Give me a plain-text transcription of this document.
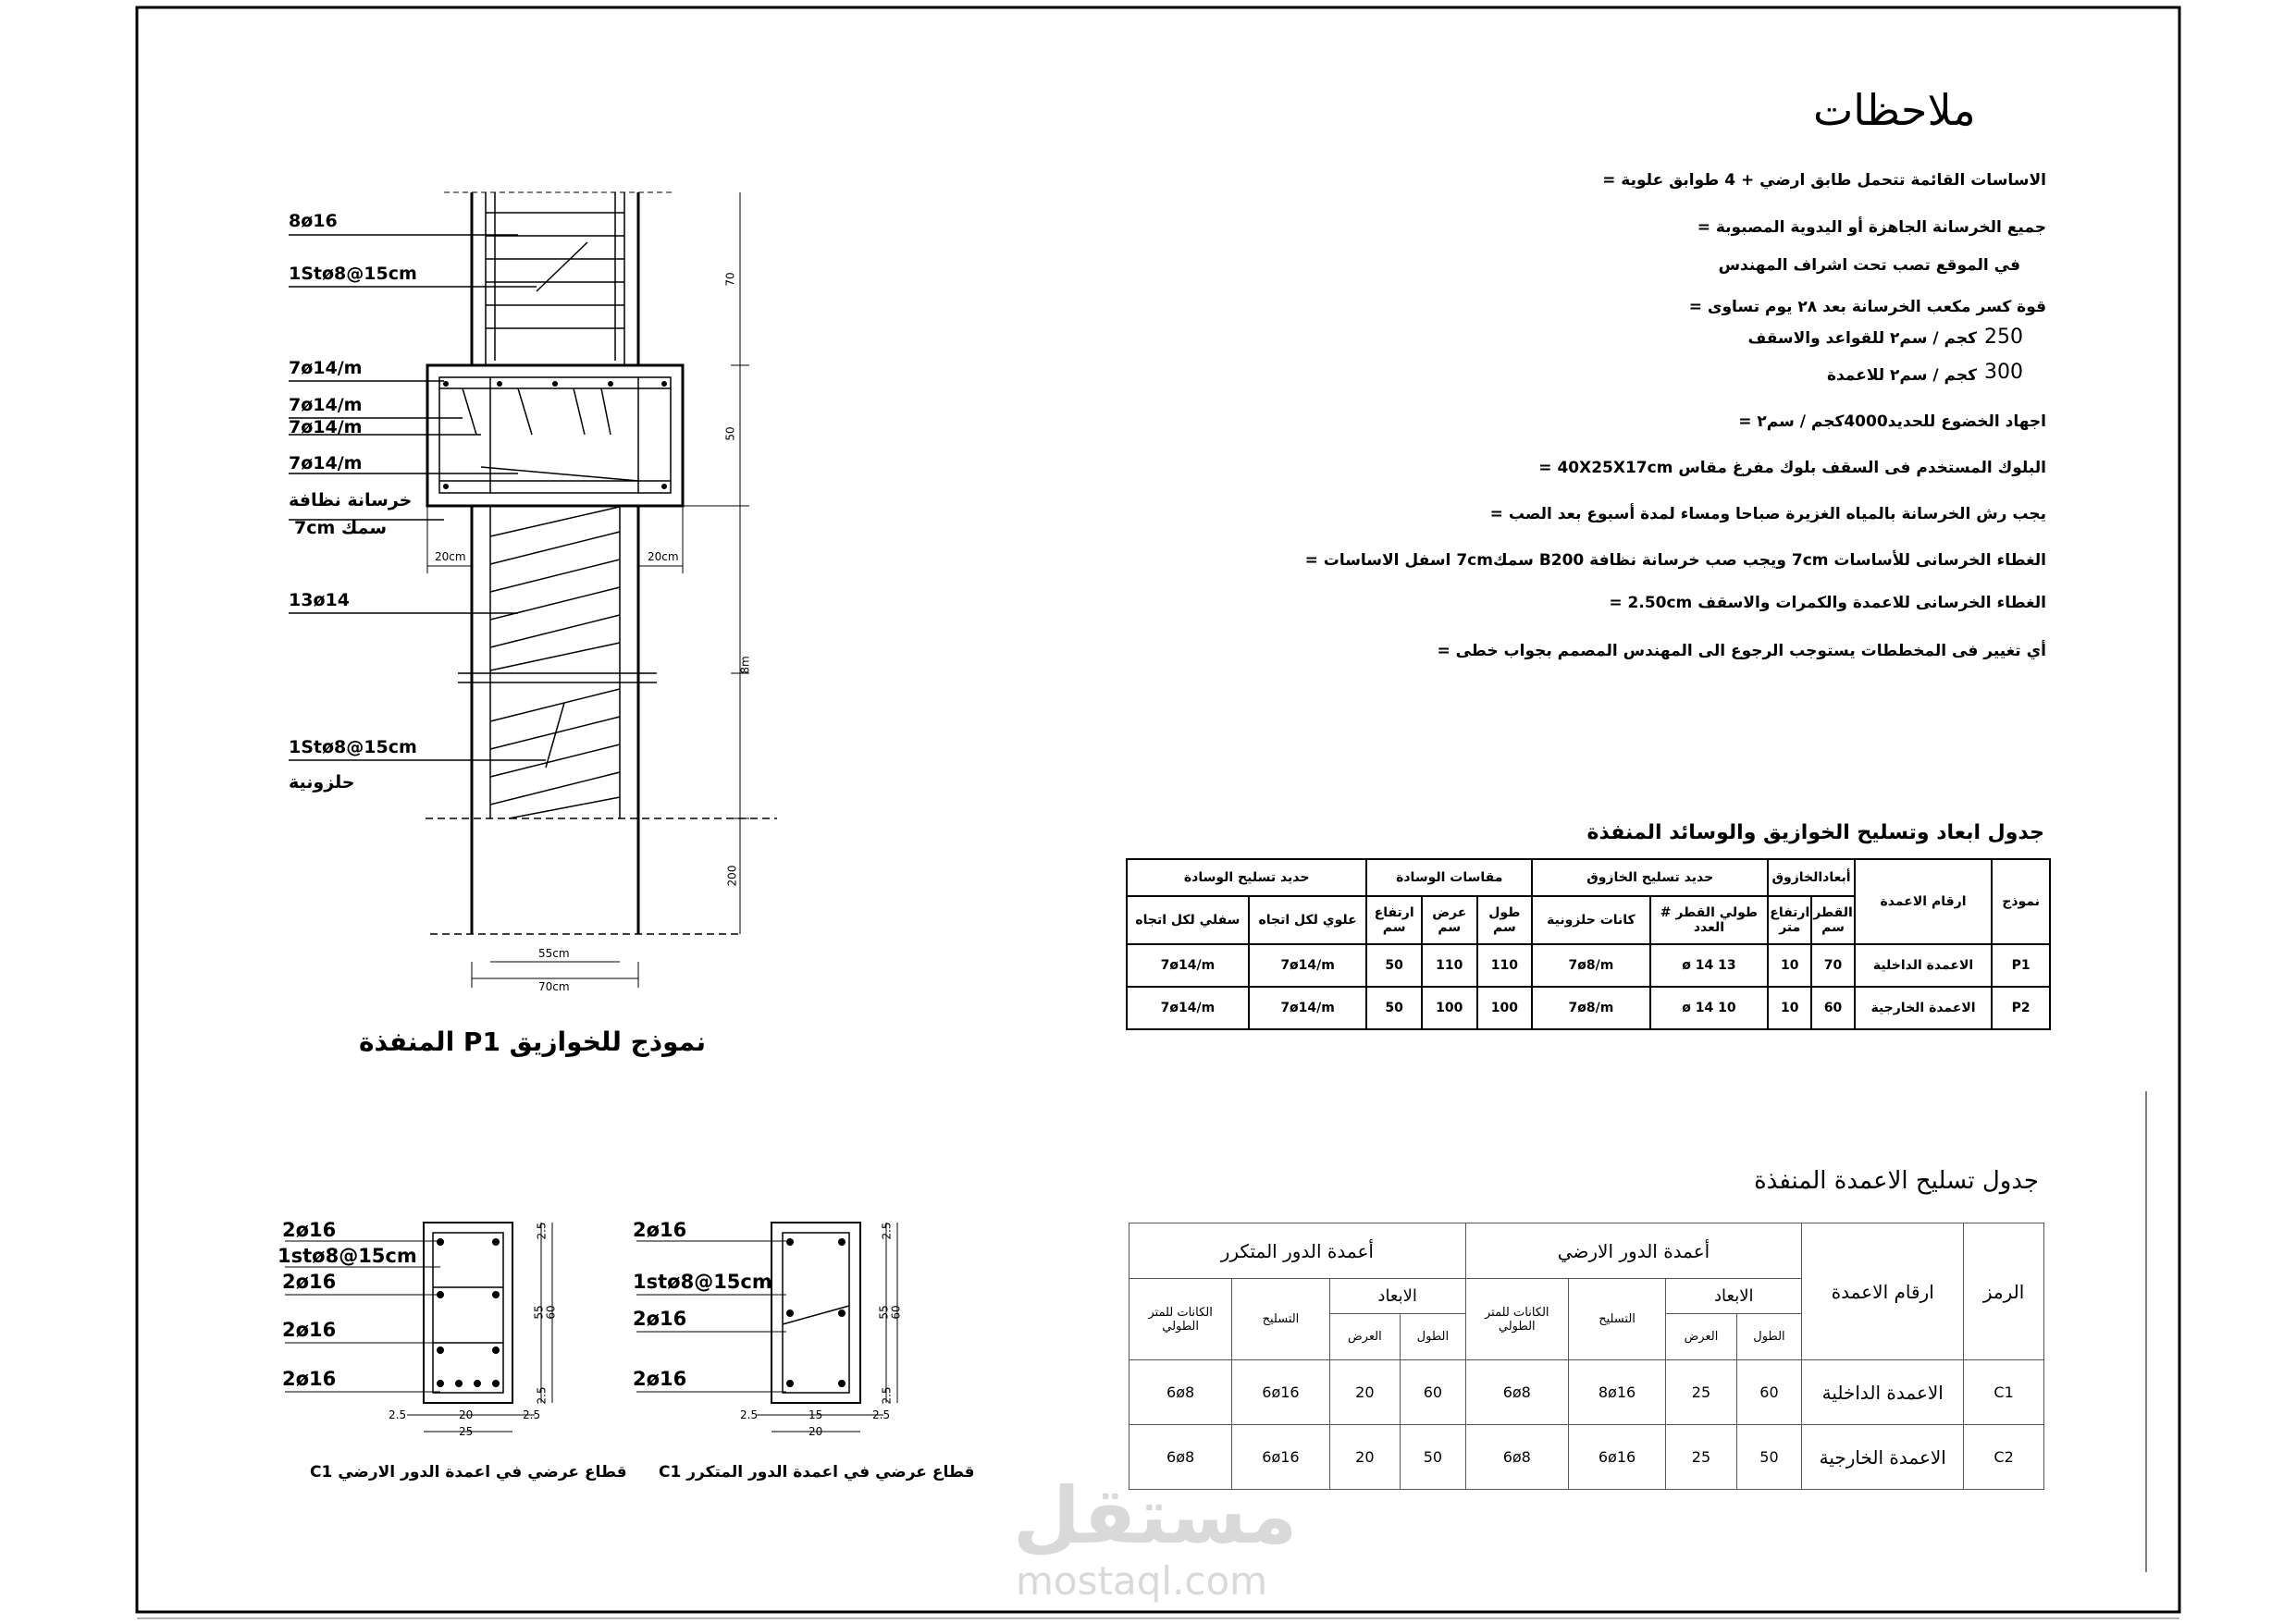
ملاحظات
الاساسات القائمة تتحمل طابق ارضي + 4 طوابق علوية =
جميع الخرسانة الجاهزة أو اليدوية المصبوبة =
في الموقع تصب تحت اشراف المهندس
قوة كسر مكعب الخرسانة بعد ٢٨ يوم تساوى =
250
كجم / سم٢ للقواعد والاسقف
300
كجم / سم٢ للاعمدة
اجهاد الخضوع للحديد4000كجم / سم٢ =
البلوك المستخدم فى السقف بلوك مفرغ مقاس 40X25X17cm =
يجب رش الخرسانة بالمياه الغزيرة صباحا ومساء لمدة أسبوع بعد الصب =
الغطاء الخرسانى للأساسات 7cm ويجب صب خرسانة نظافة B200 سمك7cm اسفل الاساسات =
الغطاء الخرسانى للاعمدة والكمرات والاسقف 2.50cm =
أي تغيير فى المخططات يستوجب الرجوع الى المهندس المصمم بجواب خطى =
جدول ابعاد وتسليح الخوازيق والوسائد المنفذة
نموذج	ارقام الاعمدة	أبعادالخازوق		حديد تسليح الخازوق		مقاسات الوسادة			حديد تسليح الوسادة	
		القطر سم	ارتفاع متر	طولي القطر # العدد	كانات حلزونية	طول سم	عرض سم	ارتفاع سم	علوي لكل اتجاه	سفلي لكل اتجاه
P1	الاعمدة الداخلية	70	10	13 ø 14	7ø8/m	110	110	50	7ø14/m	7ø14/m
P2	الاعمدة الخارجية	60	10	10 ø 14	7ø8/m	100	100	50	7ø14/m	7ø14/m
جدول تسليح الاعمدة المنفذة
الرمز	ارقام الاعمدة	أعمدة الدور الارضي				أعمدة الدور المتكرر			
		الابعاد		التسليح	الكانات للمتر الطولي	الابعاد		التسليح	الكانات للمتر الطولي
		الطول	العرض			الطول	العرض		
C1	الاعمدة الداخلية	60	25	8ø16	6ø8	60	20	6ø16	6ø8
C2	الاعمدة الخارجية	50	25	6ø16	6ø8	50	20	6ø16	6ø8
8ø16
1Stø8@15cm
7ø14/m
7ø14/m
7ø14/m
7ø14/m
خرسانة نظافة
سمك 7cm
13ø14
1Stø8@15cm
حلزونية
70
50
8m
200
20cm	20cm
55cm
70cm
نموذج للخوازيق P1 المنفذة
2ø16
1stø8@15cm
2ø16
2ø16
2ø16
2.5	20	2.5
25
55 60
2.5
2.5
قطاع عرضي في اعمدة الدور الارضي C1
2ø16
1stø8@15cm
2ø16
2ø16
2.5	15	2.5
20
55 60
2.5
2.5
قطاع عرضي في اعمدة الدور المتكرر C1 مستقل
mostaql.com
